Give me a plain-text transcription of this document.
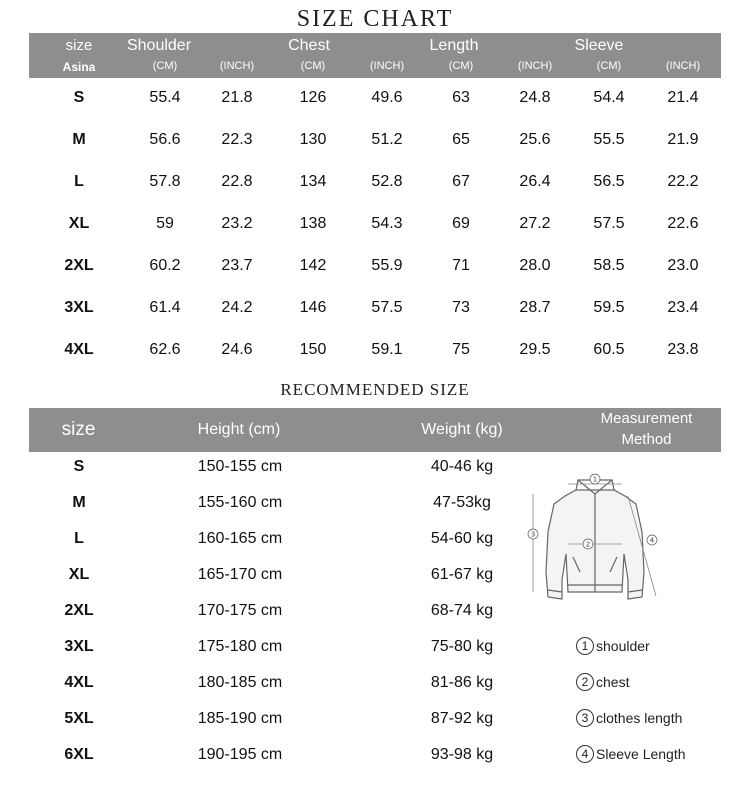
SIZE CHART
size
Asina
Shoulder	Chest	Length	Sleeve
(CM)	(INCH)	(CM)	(INCH)	(CM)	(INCH)	(CM)	(INCH)
S	55.4	21.8	126	49.6	63	24.8	54.4	21.4
M	56.6	22.3	130	51.2	65	25.6	55.5	21.9
L	57.8	22.8	134	52.8	67	26.4	56.5	22.2
XL	59	23.2	138	54.3	69	27.2	57.5	22.6
2XL	60.2	23.7	142	55.9	71	28.0	58.5	23.0
3XL	61.4	24.2	146	57.5	73	28.7	59.5	23.4
4XL	62.6	24.6	150	59.1	75	29.5	60.5	23.8
RECOMMENDED SIZE
size	Height (cm)	Weight (kg)
Measurement
Method
S	150-155 cm	40-46 kg
M	155-160 cm	47-53kg
L	160-165 cm	54-60 kg
XL	165-170 cm	61-67 kg
2XL	170-175 cm	68-74 kg
3XL	175-180 cm	75-80 kg
4XL	180-185 cm	81-86 kg
5XL	185-190 cm	87-92 kg
6XL	190-195 cm	93-98 kg
1
2
3
4
1 shoulder
2 chest
3 clothes length
4 Sleeve Length
